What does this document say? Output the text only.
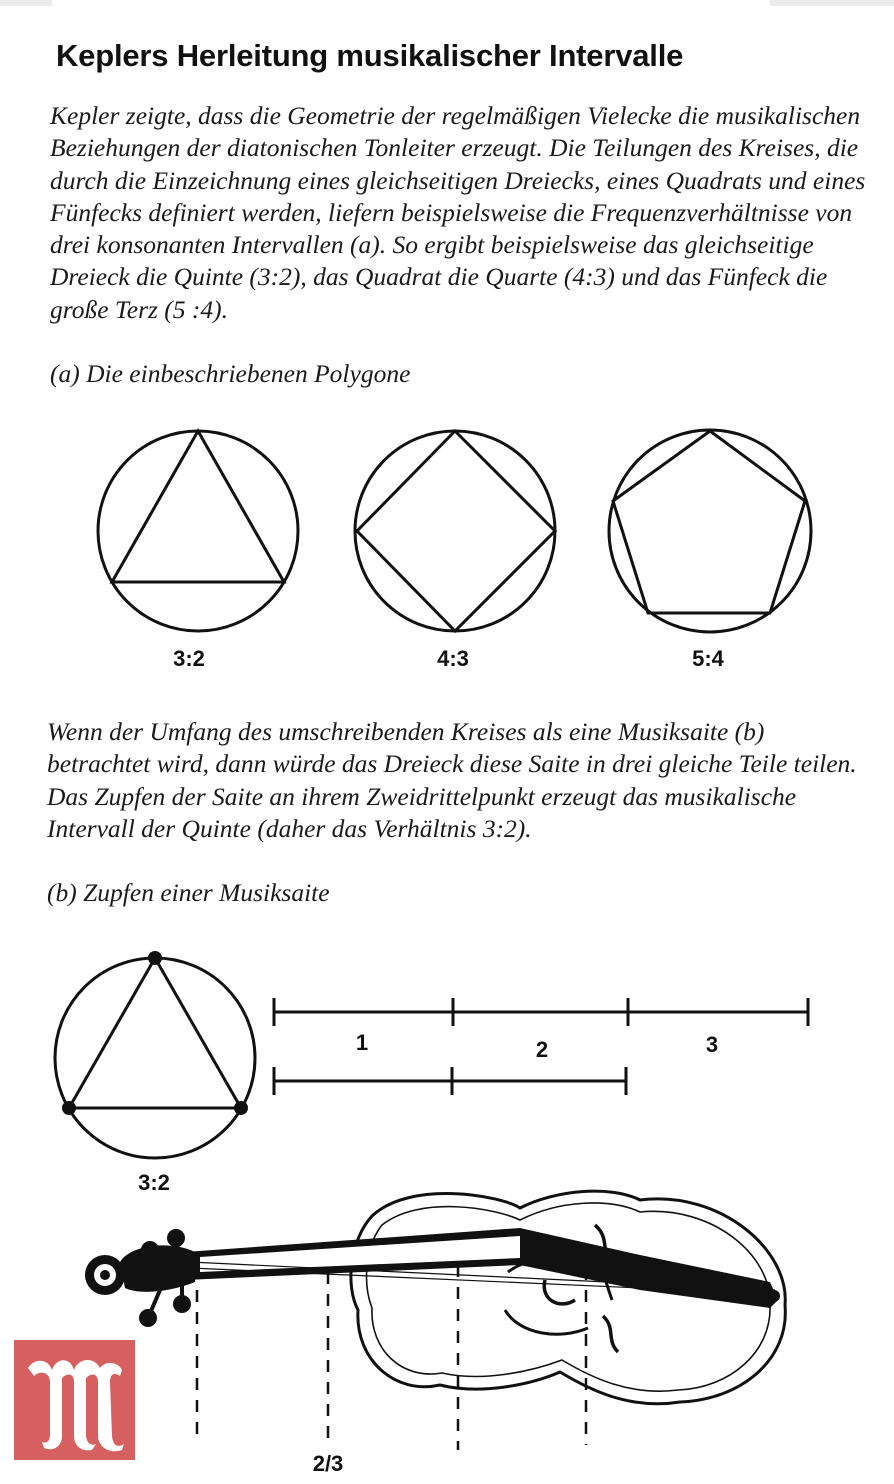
Keplers Herleitung musikalischer Intervalle

Kepler zeigte, dass die Geometrie der regelmäßigen Vielecke die musikalischen Beziehungen der diatonischen Tonleiter erzeugt. Die Teilungen des Kreises, die durch die Einzeichnung eines gleichseitigen Dreiecks, eines Quadrats und eines Fünfecks definiert werden, liefern beispielsweise die Frequenzverhältnisse von drei konsonanten Intervallen (a). So ergibt beispielsweise das gleichseitige Dreieck die Quinte (3:2), das Quadrat die Quarte (4:3) und das Fünfeck die große Terz (5 :4).

(a) Die einbeschriebenen Polygone

3:2	4:3	5:4

Wenn der Umfang des umschreibenden Kreises als eine Musiksaite (b) betrachtet wird, dann würde das Dreieck diese Saite in drei gleiche Teile teilen. Das Zupfen der Saite an ihrem Zweidrittelpunkt erzeugt das musikalische Intervall der Quinte (daher das Verhältnis 3:2).

(b) Zupfen einer Musiksaite

3:2
1	2	3
2/3
